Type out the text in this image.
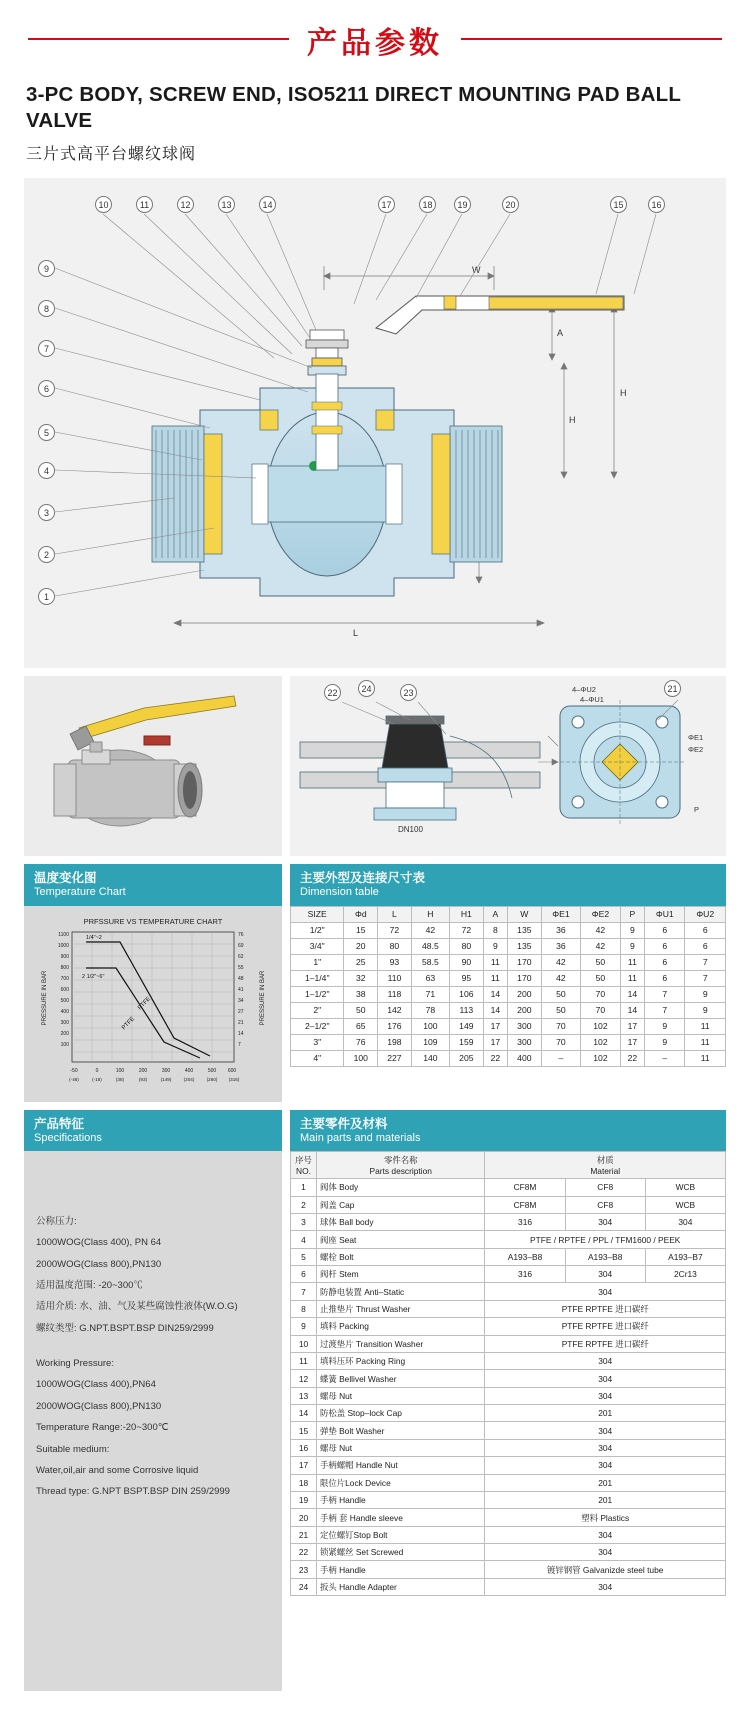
产品参数
3-PC BODY, SCREW END, ISO5211 DIRECT MOUNTING PAD BALL VALVE
三片式高平台螺纹球阀
W
A
H
H
L
10	11	12	13	14	17	18	19	20	15	16
9
8
7
6
5
4
3
2
1
DN100
4–ΦU2
4–ΦU1
ΦE1
ΦE2
P
22	24	23	21
温度变化图
Temperature Chart
PRFSSURE VS TEMPERATURE CHART
1/4"~2
2 1/2"~6"
PTFE
PTFE
1100
1000
900
800
700
600
500
400
300
200
100
76
69
62
55
48
41
34
27
21
14
7
PRESSURE IN BAR	PRESSURE IN BAR
-50	0	100	200	300	400	500 600
(-46)	(-18)	(38)	(93)	(149)	(204)	(260) (316)
主要外型及连接尺寸表
Dimension table
SIZE	Φd	L	H	H1	A	W	ΦE1	ΦE2	P	ΦU1	ΦU2
1/2"	15	72	42	72	8	135	36	42	9	6	6
3/4"	20	80	48.5	80	9	135	36	42	9	6	6
1"	25	93	58.5	90	11	170	42	50	11	6	7
1–1/4"	32	110	63	95	11	170	42	50	11	6	7
1–1/2"	38	118	71	106	14	200	50	70	14	7	9
2"	50	142	78	113	14	200	50	70	14	7	9
2–1/2"	65	176	100	149	17	300	70	102	17	9	11
3"	76	198	109	159	17	300	70	102	17	9	11
4"	100	227	140	205	22	400	–	102	22	–	11
产品特征
Specifications
公称压力:
1000WOG(Class 400), PN 64
2000WOG(Class 800),PN130
适用温度范围: -20~300℃
适用介质: 水、油、气及某些腐蚀性液体(W.O.G)
螺纹类型: G.NPT.BSPT.BSP DIN259/2999
Working Pressure:
1000WOG(Class 400),PN64
2000WOG(Class 800),PN130
Temperature Range:-20~300℃
Suitable medium:
Water,oil,air and some Corrosive liquid
Thread type: G.NPT BSPT.BSP DIN 259/2999
主要零件及材料
Main parts and materials
序号
NO.

零件名称
Parts description

材质
Material

1	阀体 Body	CF8M	CF8	WCB
2	阀盖 Cap	CF8M	CF8	WCB
3	球体 Ball body	316	304	304
4	阀座 Seat	PTFE / RPTFE / PPL / TFM1600 / PEEK		
5	螺栓 Bolt	A193–B8	A193–B8	A193–B7
6	阀杆 Stem	316	304	2Cr13
7	防静电装置 Anti–Static	304		
8	止推垫片 Thrust Washer	PTFE RPTFE 进口碳纤		
9	填料 Packing	PTFE RPTFE 进口碳纤		
10	过渡垫片 Transition Washer	PTFE RPTFE 进口碳纤		
11	填料压环 Packing Ring	304		
12	蝶簧 Bellivel Washer	304		
13	螺母 Nut	304		
14	防松盖 Stop–lock Cap	201		
15	弹垫 Bolt Washer	304		
16	螺母 Nut	304		
17	手柄螺帽 Handle Nut	304		
18	限位片Lock Device	201		
19	手柄 Handle	201		
20	手柄 套 Handle sleeve	塑料 Plastics		
21	定位螺钉Stop Bolt	304		
22	锁紧螺丝 Set Screwed	304		
23	手柄 Handle	镀锌钢管 Galvanizde steel tube		
24	扳头 Handle Adapter	304		
